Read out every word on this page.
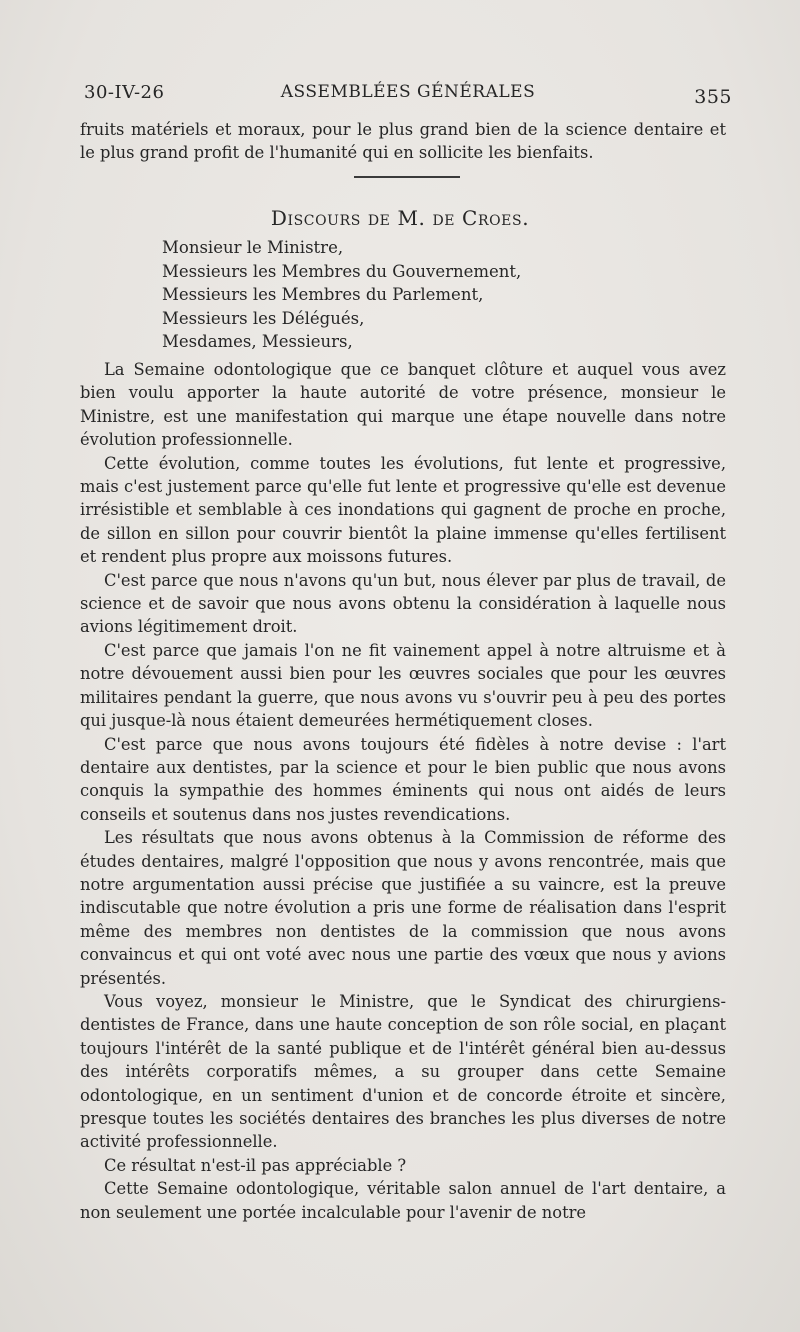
30-IV-26	ASSEMBLÉES GÉNÉRALES	355

fruits matériels et moraux, pour le plus grand bien de la science dentaire et le plus grand profit de l'humanité qui en sollicite les bienfaits.

Discours de M. de Croes.
Monsieur le Ministre,
Messieurs les Membres du Gouvernement,
Messieurs les Membres du Parlement,
Messieurs les Délégués,
Mesdames, Messieurs,

La Semaine odontologique que ce banquet clôture et auquel vous avez bien voulu apporter la haute autorité de votre présence, monsieur le Ministre, est une manifestation qui marque une étape nouvelle dans notre évolution professionnelle.

Cette évolution, comme toutes les évolutions, fut lente et progressive, mais c'est justement parce qu'elle fut lente et progressive qu'elle est devenue irrésistible et semblable à ces inondations qui gagnent de proche en proche, de sillon en sillon pour couvrir bientôt la plaine immense qu'elles fertilisent et rendent plus propre aux moissons futures.

C'est parce que nous n'avons qu'un but, nous élever par plus de travail, de science et de savoir que nous avons obtenu la considération à laquelle nous avions légitimement droit.

C'est parce que jamais l'on ne fit vainement appel à notre altruisme et à notre dévouement aussi bien pour les œuvres sociales que pour les œuvres militaires pendant la guerre, que nous avons vu s'ouvrir peu à peu des portes qui jusque-là nous étaient demeurées hermétiquement closes.

C'est parce que nous avons toujours été fidèles à notre devise : l'art dentaire aux dentistes, par la science et pour le bien public que nous avons conquis la sympathie des hommes éminents qui nous ont aidés de leurs conseils et soutenus dans nos justes revendications.

Les résultats que nous avons obtenus à la Commission de réforme des études dentaires, malgré l'opposition que nous y avons rencontrée, mais que notre argumentation aussi précise que justifiée a su vaincre, est la preuve indiscutable que notre évolution a pris une forme de réalisation dans l'esprit même des membres non dentistes de la commission que nous avons convaincus et qui ont voté avec nous une partie des vœux que nous y avions présentés.

Vous voyez, monsieur le Ministre, que le Syndicat des chirurgiens-dentistes de France, dans une haute conception de son rôle social, en plaçant toujours l'intérêt de la santé publique et de l'intérêt général bien au-dessus des intérêts corporatifs mêmes, a su grouper dans cette Semaine odontologique, en un sentiment d'union et de concorde étroite et sincère, presque toutes les sociétés dentaires des branches les plus diverses de notre activité professionnelle.

Ce résultat n'est-il pas appréciable ?

Cette Semaine odontologique, véritable salon annuel de l'art dentaire, a non seulement une portée incalculable pour l'avenir de notre
